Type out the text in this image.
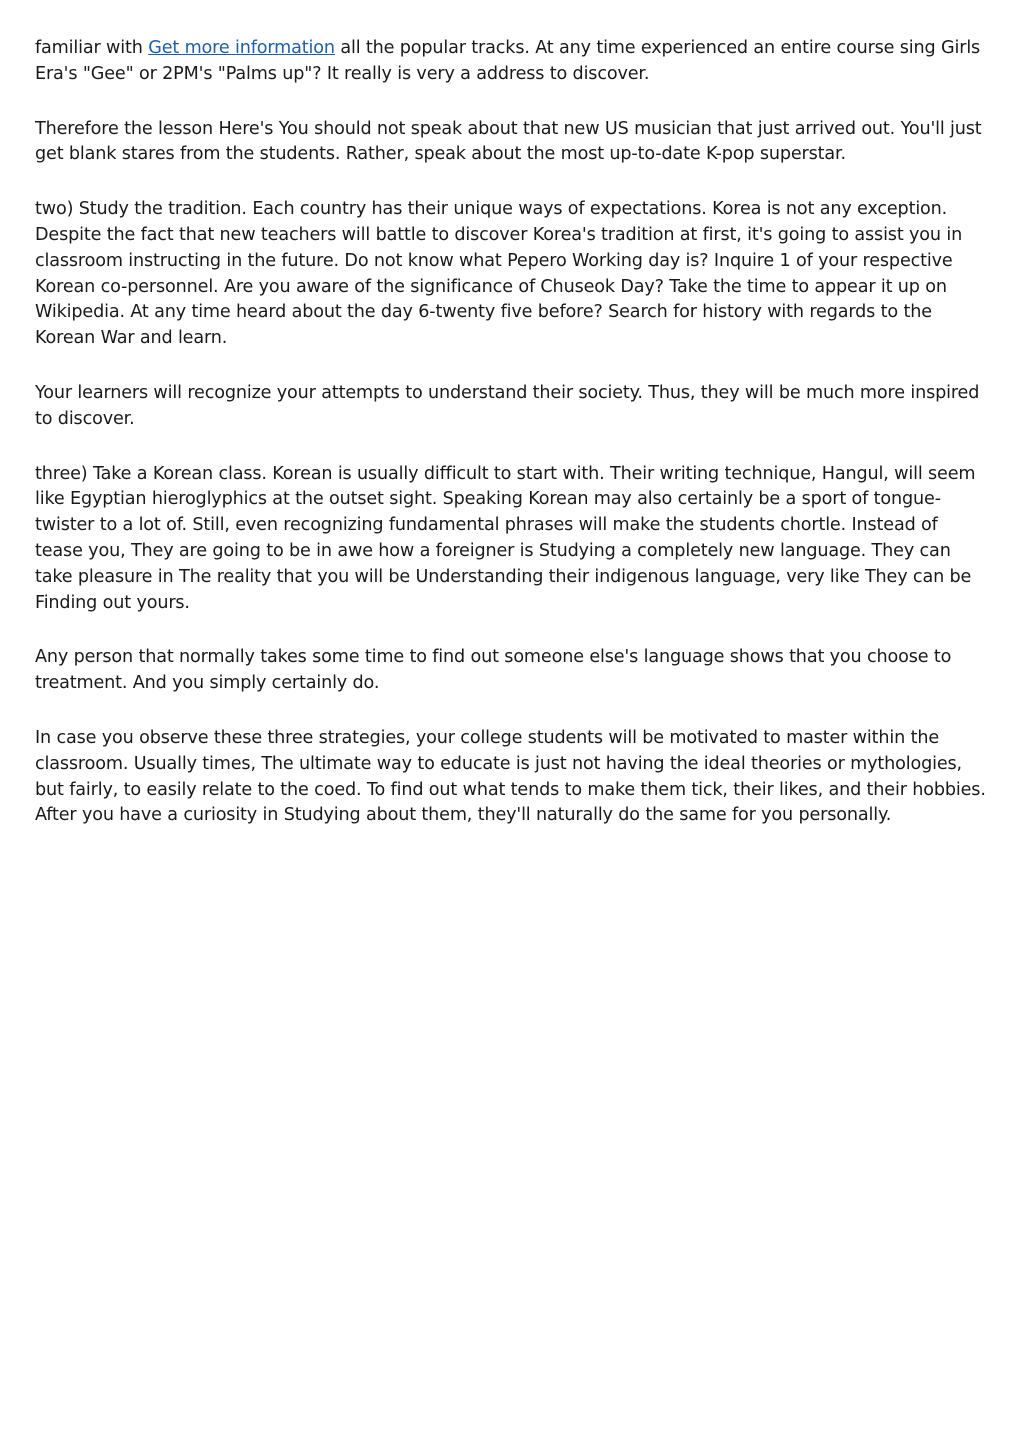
familiar with Get more information all the popular tracks. At any time experienced an entire course sing Girls Era's "Gee" or 2PM's "Palms up"? It really is very a address to discover.

Therefore the lesson Here's You should not speak about that new US musician that just arrived out. You'll just get blank stares from the students. Rather, speak about the most up-to-date K-pop superstar.

two) Study the tradition. Each country has their unique ways of expectations. Korea is not any exception. Despite the fact that new teachers will battle to discover Korea's tradition at first, it's going to assist you in classroom instructing in the future. Do not know what Pepero Working day is? Inquire 1 of your respective Korean co-personnel. Are you aware of the significance of Chuseok Day? Take the time to appear it up on Wikipedia. At any time heard about the day 6-twenty five before? Search for history with regards to the Korean War and learn.

Your learners will recognize your attempts to understand their society. Thus, they will be much more inspired to discover.

three) Take a Korean class. Korean is usually difficult to start with. Their writing technique, Hangul, will seem like Egyptian hieroglyphics at the outset sight. Speaking Korean may also certainly be a sport of tongue-twister to a lot of. Still, even recognizing fundamental phrases will make the students chortle. Instead of tease you, They are going to be in awe how a foreigner is Studying a completely new language. They can take pleasure in The reality that you will be Understanding their indigenous language, very like They can be Finding out yours.

Any person that normally takes some time to find out someone else's language shows that you choose to treatment. And you simply certainly do.

In case you observe these three strategies, your college students will be motivated to master within the classroom. Usually times, The ultimate way to educate is just not having the ideal theories or mythologies, but fairly, to easily relate to the coed. To find out what tends to make them tick, their likes, and their hobbies. After you have a curiosity in Studying about them, they'll naturally do the same for you personally.
